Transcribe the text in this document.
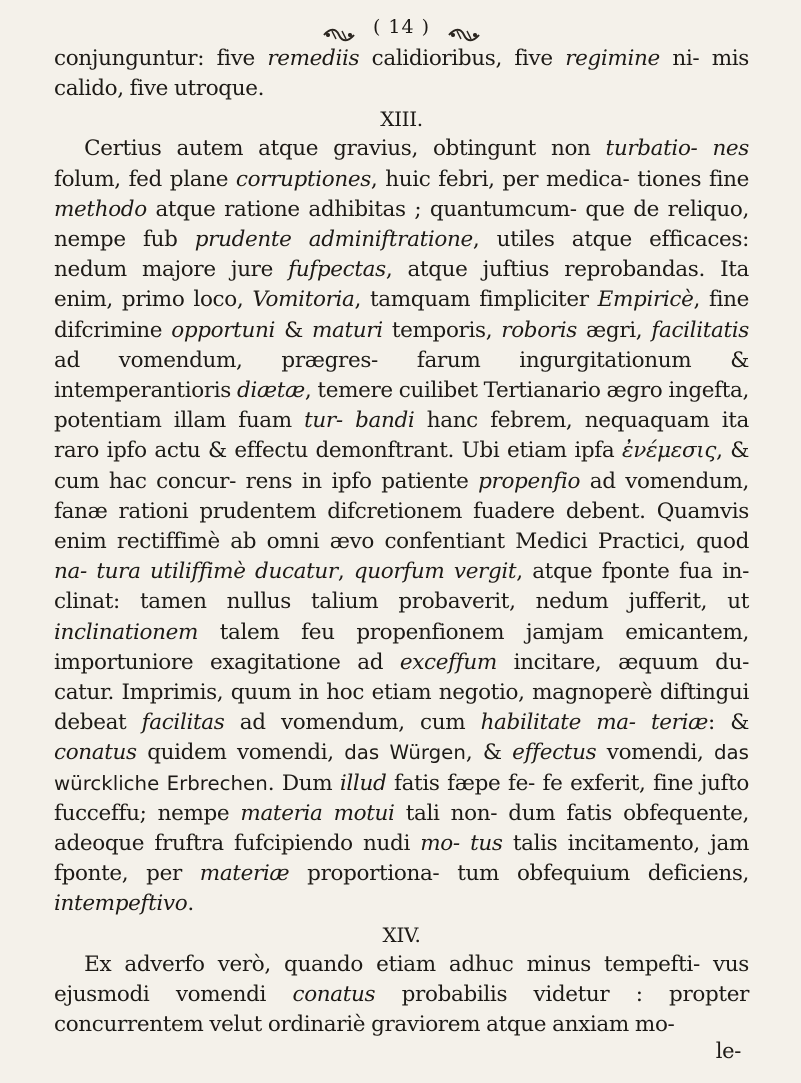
( 14 )

conjunguntur: five remediis calidioribus, five regimine ni- mis calido, five utroque.

XIII.

Certius autem atque gravius, obtingunt non turbatio- nes folum, fed plane corruptiones, huic febri, per medica- tiones fine methodo atque ratione adhibitas ; quantumcum- que de reliquo, nempe fub prudente adminiftratione, utiles atque efficaces: nedum majore jure fufpectas, atque juftius reprobandas. Ita enim, primo loco, Vomitoria, tamquam fimpliciter Empiricè, fine difcrimine opportuni & maturi temporis, roboris ægri, facilitatis ad vomendum, prægres- farum ingurgitationum & intemperantioris diætæ, temere cuilibet Tertianario ægro ingefta, potentiam illam fuam tur- bandi hanc febrem, nequaquam ita raro ipfo actu & effectu demonftrant. Ubi etiam ipfa ἐνέμεσις, & cum hac concur- rens in ipfo patiente propenfio ad vomendum, fanæ rationi prudentem difcretionem fuadere debent. Quamvis enim rectiffimè ab omni ævo confentiant Medici Practici, quod na- tura utiliffimè ducatur, quorfum vergit, atque fponte fua in- clinat: tamen nullus talium probaverit, nedum jufferit, ut inclinationem talem feu propenfionem jamjam emicantem, importuniore exagitatione ad exceffum incitare, æquum du- catur. Imprimis, quum in hoc etiam negotio, magnoperè diftingui debeat facilitas ad vomendum, cum habilitate ma- teriæ: & conatus quidem vomendi, das Würgen, & effectus vomendi, das würckliche Erbrechen. Dum illud fatis fæpe fe- fe exferit, fine jufto fucceffu; nempe materia motui tali non- dum fatis obfequente, adeoque fruftra fufcipiendo nudi mo- tus talis incitamento, jam fponte, per materiæ proportiona- tum obfequium deficiens, intempeftivo.

XIV.

Ex adverfo verò, quando etiam adhuc minus tempefti- vus ejusmodi vomendi conatus probabilis videtur : propter concurrentem velut ordinariè graviorem atque anxiam mo-

le-
